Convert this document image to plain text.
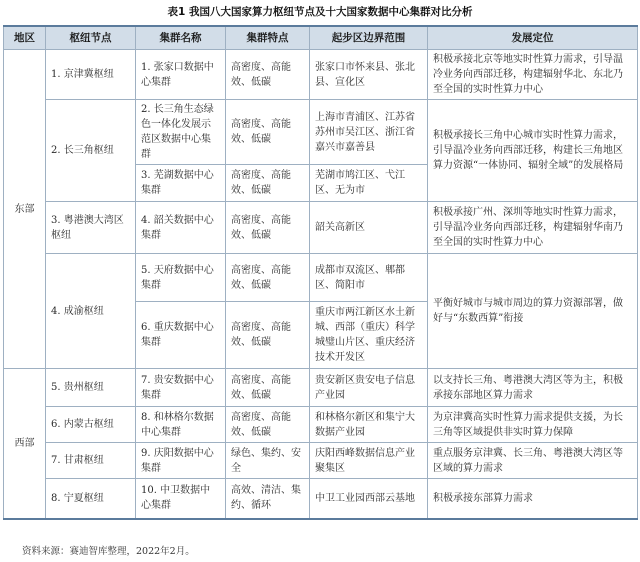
表1 我国八大国家算力枢纽节点及十大国家数据中心集群对比分析
地区	枢纽节点	集群名称	集群特点	起步区边界范围	发展定位
东部	1. 京津冀枢纽	1. 张家口数据中心集群	高密度、高能效、低碳	张家口市怀来县、张北县、宣化区	积极承接北京等地实时性算力需求，引导温冷业务向西部迁移，构建辐射华北、东北乃至全国的实时性算力中心
	2. 长三角枢纽	2. 长三角生态绿色一体化发展示范区数据中心集群	高密度、高能效、低碳	上海市青浦区、江苏省苏州市吴江区、浙江省嘉兴市嘉善县	积极承接长三角中心城市实时性算力需求，引导温冷业务向西部迁移，构建长三角地区算力资源“一体协同、辐射全域”的发展格局
		3. 芜湖数据中心集群	高密度、高能效、低碳	芜湖市鸠江区、弋江区、无为市	
	3. 粤港澳大湾区枢纽	4. 韶关数据中心集群	高密度、高能效、低碳	韶关高新区	积极承接广州、深圳等地实时性算力需求，引导温冷业务向西部迁移，构建辐射华南乃至全国的实时性算力中心
	4. 成渝枢纽	5. 天府数据中心集群	高密度、高能效、低碳	成都市双流区、郫都区、简阳市	平衡好城市与城市周边的算力资源部署，做好与“东数西算”衔接
		6. 重庆数据中心集群	高密度、高能效、低碳	重庆市两江新区水土新城、西部（重庆）科学城璧山片区、重庆经济技术开发区	
西部	5. 贵州枢纽	7. 贵安数据中心集群	高密度、高能效、低碳	贵安新区贵安电子信息产业园	以支持长三角、粤港澳大湾区等为主，积极承接东部地区算力需求
	6. 内蒙古枢纽	8. 和林格尔数据中心集群	高密度、高能效、低碳	和林格尔新区和集宁大数据产业园	为京津冀高实时性算力需求提供支援，为长三角等区域提供非实时算力保障
	7. 甘肃枢纽	9. 庆阳数据中心集群	绿色、集约、安全	庆阳西峰数据信息产业聚集区	重点服务京津冀、长三角、粤港澳大湾区等区域的算力需求
	8. 宁夏枢纽	10. 中卫数据中心集群	高效、清洁、集约、循环	中卫工业园西部云基地	积极承接东部算力需求
资料来源：赛迪智库整理，2022年2月。
